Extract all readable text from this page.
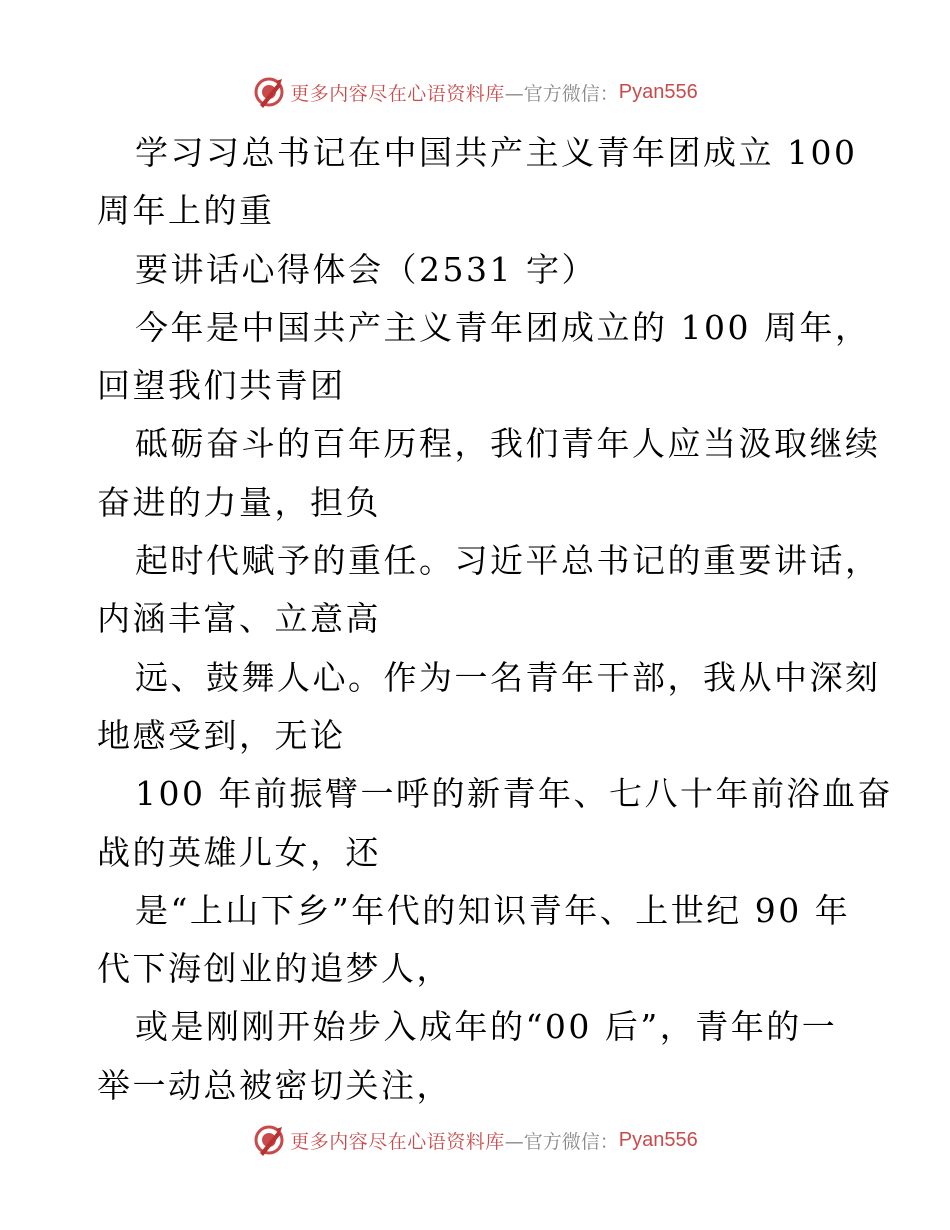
更多内容尽在心语资料库 —官方微信： Pyan556
学习习总书记在中国共产主义青年团成立 100
周年上的重
要讲话心得体会（2531 字）
今年是中国共产主义青年团成立的 100 周年，
回望我们共青团
砥砺奋斗的百年历程，我们青年人应当汲取继续
奋进的力量，担负
起时代赋予的重任。习近平总书记的重要讲话，
内涵丰富、立意高
远、鼓舞人心。作为一名青年干部，我从中深刻
地感受到，无论
100 年前振臂一呼的新青年、七八十年前浴血奋
战的英雄儿女，还
是“上山下乡”年代的知识青年、上世纪 90 年
代下海创业的追梦人，
或是刚刚开始步入成年的“00 后”，青年的一
举一动总被密切关注，
更多内容尽在心语资料库 —官方微信： Pyan556
